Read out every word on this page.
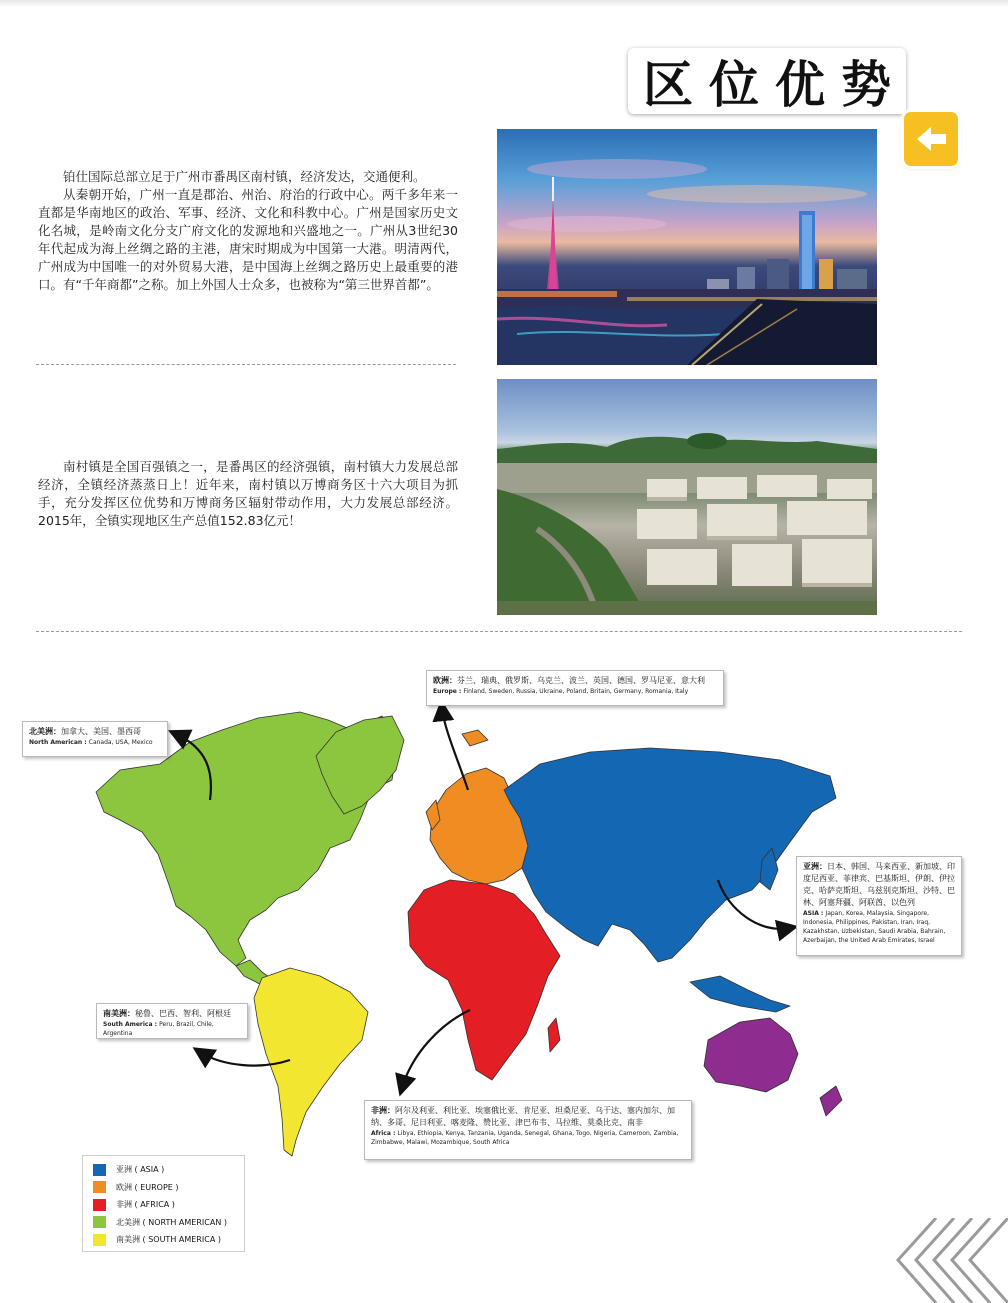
区 位 优 势
铂仕国际总部立足于广州市番禺区南村镇，经济发达，交通便利。
从秦朝开始，广州一直是郡治、州治、府治的行政中心。两千多年来一直都是华南地区的政治、军事、经济、文化和科教中心。广州是国家历史文化名城，是岭南文化分支广府文化的发源地和兴盛地之一。广州从3世纪30年代起成为海上丝绸之路的主港，唐宋时期成为中国第一大港。明清两代，广州成为中国唯一的对外贸易大港，是中国海上丝绸之路历史上最重要的港口。有“千年商都”之称。加上外国人士众多，也被称为“第三世界首都”。
南村镇是全国百强镇之一，是番禺区的经济强镇，南村镇大力发展总部经济，全镇经济蒸蒸日上！近年来，南村镇以万博商务区十六大项目为抓手，充分发挥区位优势和万博商务区辐射带动作用，大力发展总部经济。2015年，全镇实现地区生产总值152.83亿元！
欧洲：芬兰、瑞典、俄罗斯、乌克兰、波兰、英国、德国、罗马尼亚、意大利
Europe : Finland, Sweden, Russia, Ukraine, Poland, Britain, Germany, Romania, Italy
北美洲：加拿大、美国、墨西哥
North American : Canada, USA, Mexico
亚洲：日本、韩国、马来西亚、新加坡、印度尼西亚、菲律宾、巴基斯坦、伊朗、伊拉克、哈萨克斯坦、乌兹别克斯坦、沙特、巴林、阿塞拜疆、阿联酋、以色列
ASIA : Japan, Korea, Malaysia, Singapore, Indonesia, Philippines, Pakistan, Iran, Iraq, Kazakhstan, Uzbekistan, Saudi Arabia, Bahrain, Azerbaijan, the United Arab Emirates, Israel
南美洲：秘鲁、巴西、智利、阿根廷
South America : Peru, Brazil, Chile, Argentina
非洲：阿尔及利亚、利比亚、埃塞俄比亚、肯尼亚、坦桑尼亚、乌干达、塞内加尔、加纳、多哥、尼日利亚、喀麦隆、赞比亚、津巴布韦、马拉维、莫桑比克、南非
Africa : Libya, Ethiopia, Kenya, Tanzania, Uganda, Senegal, Ghana, Togo, Nigeria, Cameroon, Zambia, Zimbabwe, Malawi, Mozambique, South Africa
亚洲 ( ASIA )
欧洲 ( EUROPE )
非洲 ( AFRICA )
北美洲 ( NORTH AMERICAN )
南美洲 ( SOUTH AMERICA )
